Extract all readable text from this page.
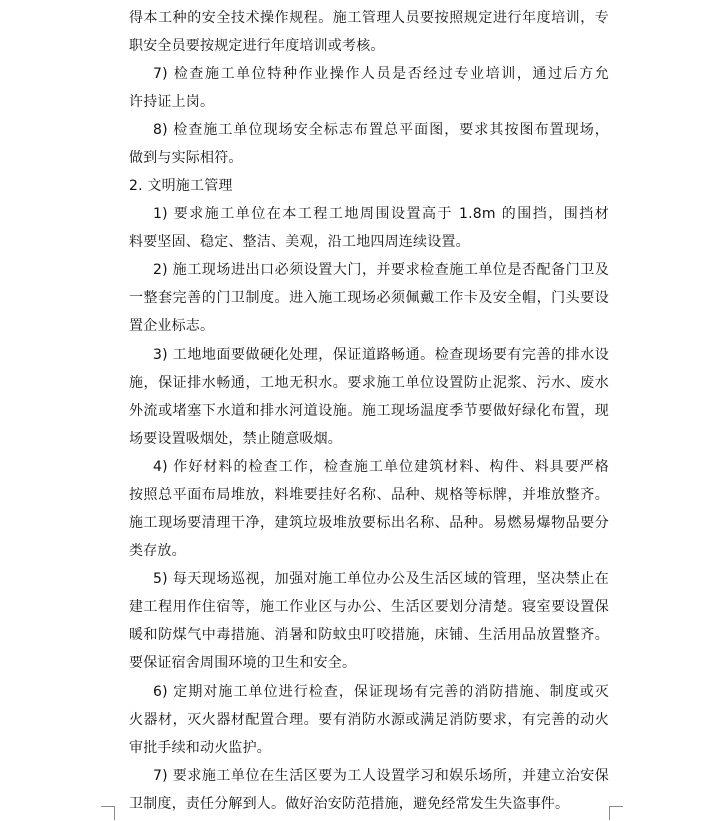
得本工种的安全技术操作规程。施工管理人员要按照规定进行年度培训，专
职安全员要按规定进行年度培训或考核。
7) 检查施工单位特种作业操作人员是否经过专业培训，通过后方允
许持证上岗。
8) 检查施工单位现场安全标志布置总平面图，要求其按图布置现场，
做到与实际相符。
2. 文明施工管理
1) 要求施工单位在本工程工地周围设置高于 1.8m 的围挡，围挡材
料要坚固、稳定、整洁、美观，沿工地四周连续设置。
2) 施工现场进出口必须设置大门，并要求检查施工单位是否配备门卫及
一整套完善的门卫制度。进入施工现场必须佩戴工作卡及安全帽，门头要设
置企业标志。
3) 工地地面要做硬化处理，保证道路畅通。检查现场要有完善的排水设
施，保证排水畅通，工地无积水。要求施工单位设置防止泥浆、污水、废水
外流或堵塞下水道和排水河道设施。施工现场温度季节要做好绿化布置，现
场要设置吸烟处，禁止随意吸烟。
4) 作好材料的检查工作，检查施工单位建筑材料、构件、料具要严格
按照总平面布局堆放，料堆要挂好名称、品种、规格等标牌，并堆放整齐。
施工现场要清理干净，建筑垃圾堆放要标出名称、品种。易燃易爆物品要分
类存放。
5) 每天现场巡视，加强对施工单位办公及生活区域的管理，坚决禁止在
建工程用作住宿等，施工作业区与办公、生活区要划分清楚。寝室要设置保
暖和防煤气中毒措施、消暑和防蚊虫叮咬措施，床铺、生活用品放置整齐。
要保证宿舍周围环境的卫生和安全。
6) 定期对施工单位进行检查，保证现场有完善的消防措施、制度或灭
火器材，灭火器材配置合理。要有消防水源或满足消防要求，有完善的动火
审批手续和动火监护。
7) 要求施工单位在生活区要为工人设置学习和娱乐场所，并建立治安保
卫制度，责任分解到人。做好治安防范措施，避免经常发生失盗事件。
